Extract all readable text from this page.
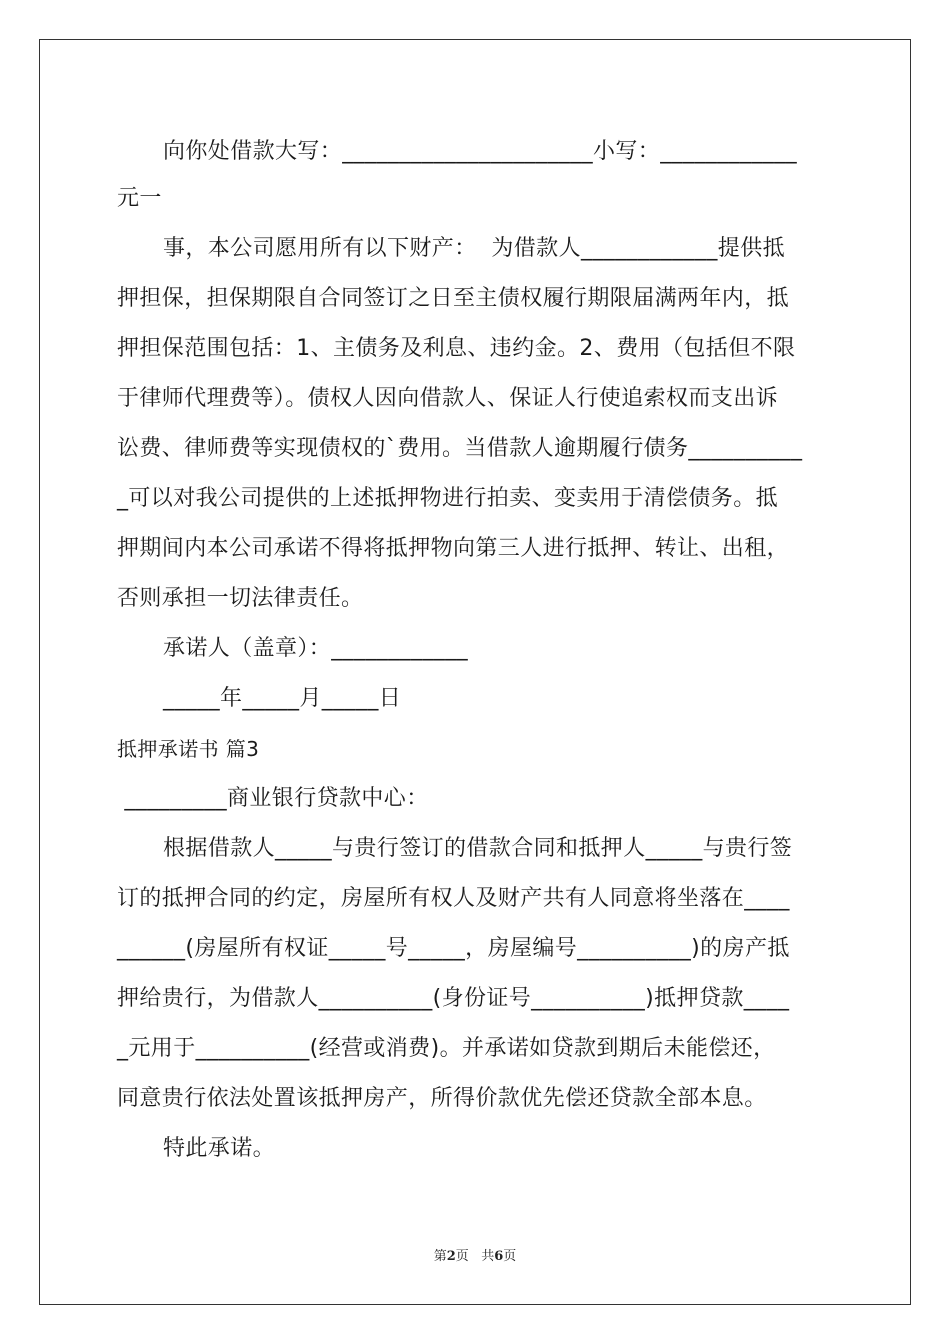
向你处借款大写：______________________小写：____________
元一
事，本公司愿用所有以下财产：  为借款人____________提供抵
押担保，担保期限自合同签订之日至主债权履行期限届满两年内，抵
押担保范围包括：1、主债务及利息、违约金。2、费用（包括但不限
于律师代理费等）。债权人因向借款人、保证人行使追索权而支出诉
讼费、律师费等实现债权的`费用。当借款人逾期履行债务__________
_可以对我公司提供的上述抵押物进行拍卖、变卖用于清偿债务。抵
押期间内本公司承诺不得将抵押物向第三人进行抵押、转让、出租，
否则承担一切法律责任。
承诺人（盖章）：____________
_____年_____月_____日
抵押承诺书 篇3
_________商业银行贷款中心：
根据借款人_____与贵行签订的借款合同和抵押人_____与贵行签
订的抵押合同的约定，房屋所有权人及财产共有人同意将坐落在____
______(房屋所有权证_____号_____，房屋编号__________)的房产抵
押给贵行，为借款人__________(身份证号__________)抵押贷款____
_元用于__________(经营或消费)。并承诺如贷款到期后未能偿还，
同意贵行依法处置该抵押房产，所得价款优先偿还贷款全部本息。
特此承诺。
第2页 共6页
